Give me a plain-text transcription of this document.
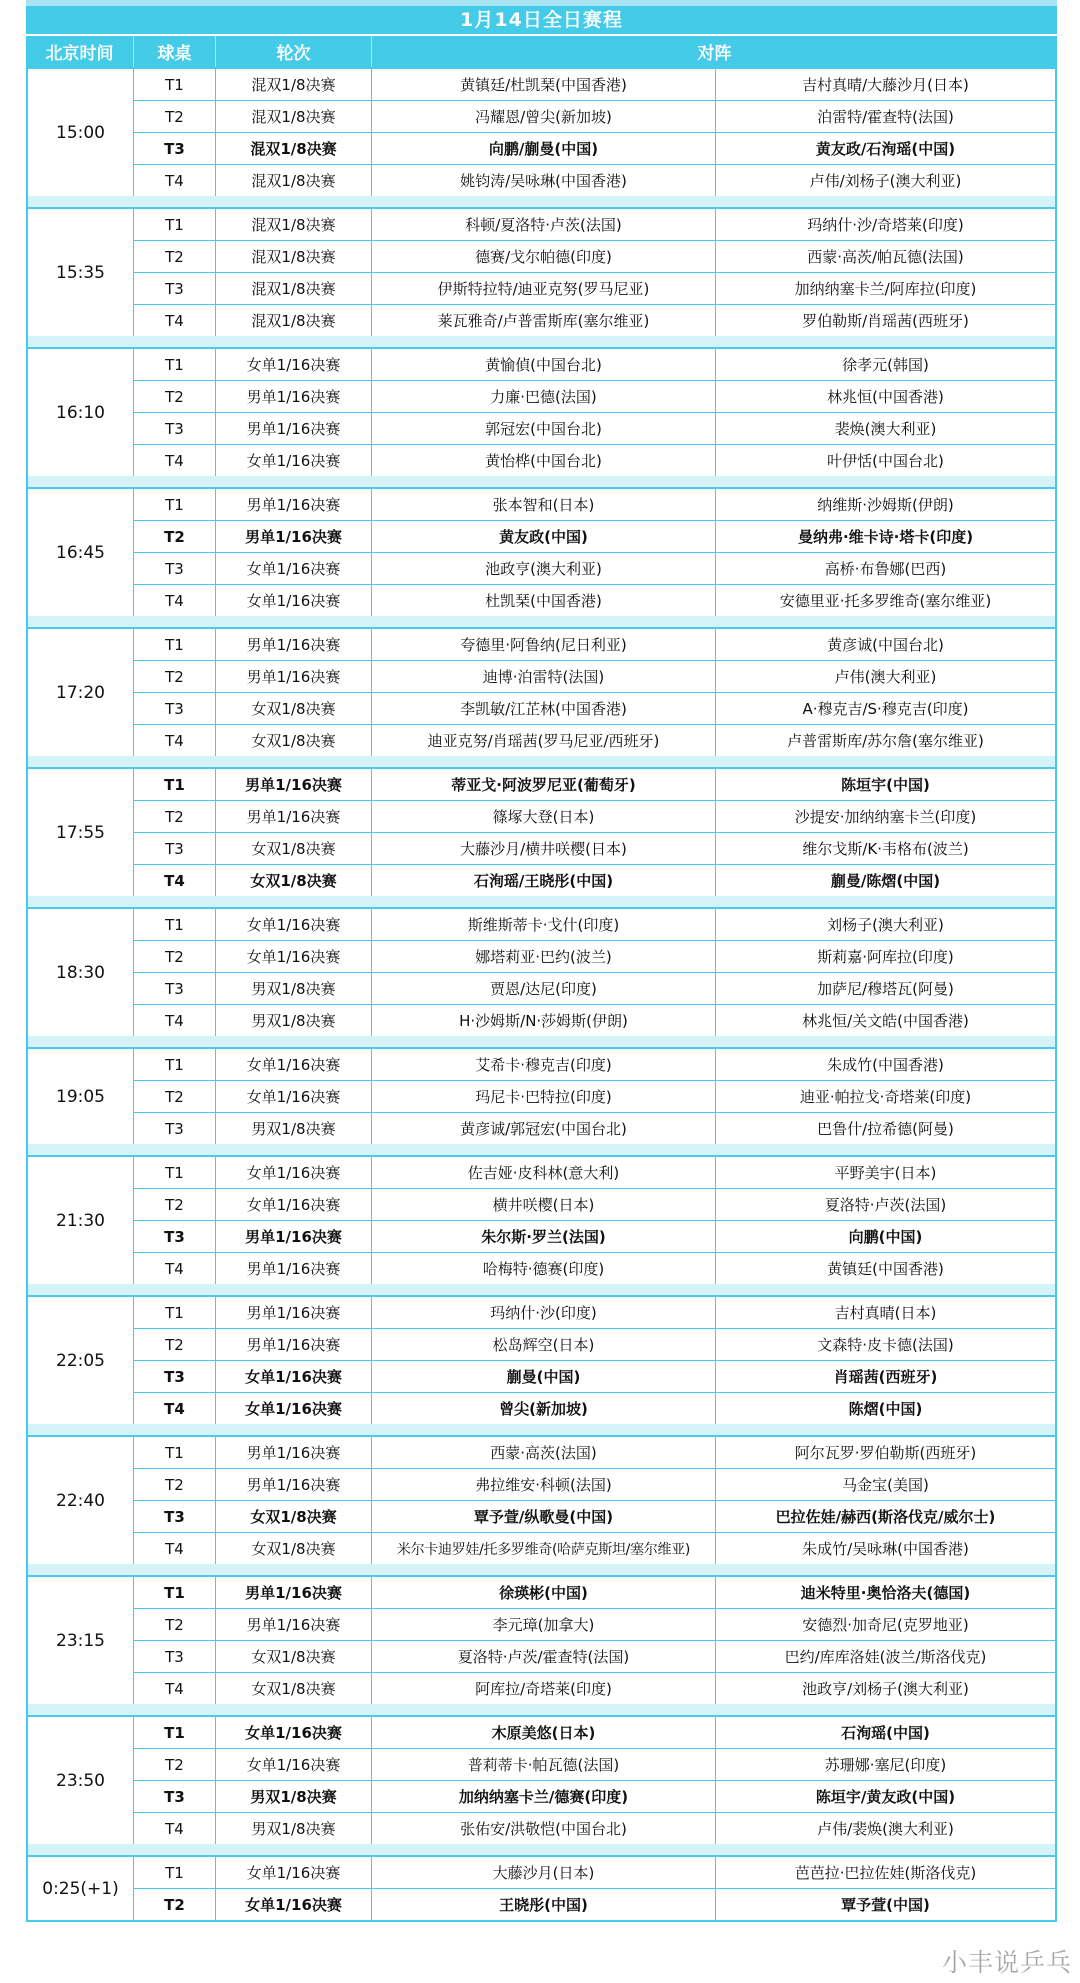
1月14日全日赛程
北京时间	球桌	轮次	对阵
15:00
T1	混双1/8决赛	黄镇廷/杜凯琹(中国香港)	吉村真晴/大藤沙月(日本)
T2	混双1/8决赛	冯耀恩/曾尖(新加坡)	泊雷特/霍查特(法国)
T3	混双1/8决赛	向鹏/蒯曼(中国)	黄友政/石洵瑶(中国)
T4	混双1/8决赛	姚钧涛/吴咏琳(中国香港)	卢伟/刘杨子(澳大利亚)
15:35
T1	混双1/8决赛	科顿/夏洛特·卢茨(法国)	玛纳什·沙/奇塔莱(印度)
T2	混双1/8决赛	德赛/戈尔帕德(印度)	西蒙·高茨/帕瓦德(法国)
T3	混双1/8决赛	伊斯特拉特/迪亚克努(罗马尼亚)	加纳纳塞卡兰/阿库拉(印度)
T4	混双1/8决赛	莱瓦雅奇/卢普雷斯库(塞尔维亚)	罗伯勒斯/肖瑶茜(西班牙)
16:10
T1	女单1/16决赛	黄愉偵(中国台北)	徐孝元(韩国)
T2	男单1/16决赛	力廉·巴德(法国)	林兆恒(中国香港)
T3	男单1/16决赛	郭冠宏(中国台北)	裴焕(澳大利亚)
T4	女单1/16决赛	黄怡桦(中国台北)	叶伊恬(中国台北)
16:45
T1	男单1/16决赛	张本智和(日本)	纳维斯·沙姆斯(伊朗)
T2	男单1/16决赛	黄友政(中国)	曼纳弗·维卡诗·塔卡(印度)
T3	女单1/16决赛	池政亨(澳大利亚)	高桥·布鲁娜(巴西)
T4	女单1/16决赛	杜凯琹(中国香港)	安德里亚·托多罗维奇(塞尔维亚)
17:20
T1	男单1/16决赛	夸德里·阿鲁纳(尼日利亚)	黄彦诚(中国台北)
T2	男单1/16决赛	迪博·泊雷特(法国)	卢伟(澳大利亚)
T3	女双1/8决赛	李凯敏/江芷林(中国香港)	A·穆克吉/S·穆克吉(印度)
T4	女双1/8决赛	迪亚克努/肖瑶茜(罗马尼亚/西班牙)	卢普雷斯库/苏尔詹(塞尔维亚)
17:55
T1	男单1/16决赛	蒂亚戈·阿波罗尼亚(葡萄牙)	陈垣宇(中国)
T2	男单1/16决赛	篠塚大登(日本)	沙提安·加纳纳塞卡兰(印度)
T3	女双1/8决赛	大藤沙月/横井咲樱(日本)	维尔戈斯/K·韦格布(波兰)
T4	女双1/8决赛	石洵瑶/王晓彤(中国)	蒯曼/陈熠(中国)
18:30
T1	女单1/16决赛	斯维斯蒂卡·戈什(印度)	刘杨子(澳大利亚)
T2	女单1/16决赛	娜塔莉亚·巴约(波兰)	斯莉嘉·阿库拉(印度)
T3	男双1/8决赛	贾恩/达尼(印度)	加萨尼/穆塔瓦(阿曼)
T4	男双1/8决赛	H·沙姆斯/N·莎姆斯(伊朗)	林兆恒/关文皓(中国香港)
19:05
T1	女单1/16决赛	艾希卡·穆克吉(印度)	朱成竹(中国香港)
T2	女单1/16决赛	玛尼卡·巴特拉(印度)	迪亚·帕拉戈·奇塔莱(印度)
T3	男双1/8决赛	黄彦诚/郭冠宏(中国台北)	巴鲁什/拉希德(阿曼)
21:30
T1	女单1/16决赛	佐吉娅·皮科林(意大利)	平野美宇(日本)
T2	女单1/16决赛	横井咲樱(日本)	夏洛特·卢茨(法国)
T3	男单1/16决赛	朱尔斯·罗兰(法国)	向鹏(中国)
T4	男单1/16决赛	哈梅特·德赛(印度)	黄镇廷(中国香港)
22:05
T1	男单1/16决赛	玛纳什·沙(印度)	吉村真晴(日本)
T2	男单1/16决赛	松岛辉空(日本)	文森特·皮卡德(法国)
T3	女单1/16决赛	蒯曼(中国)	肖瑶茜(西班牙)
T4	女单1/16决赛	曾尖(新加坡)	陈熠(中国)
22:40
T1	男单1/16决赛	西蒙·高茨(法国)	阿尔瓦罗·罗伯勒斯(西班牙)
T2	男单1/16决赛	弗拉维安·科顿(法国)	马金宝(美国)
T3	女双1/8决赛	覃予萱/纵歌曼(中国)	巴拉佐娃/赫西(斯洛伐克/威尔士)
T4	女双1/8决赛	米尔卡迪罗娃/托多罗维奇(哈萨克斯坦/塞尔维亚)	朱成竹/吴咏琳(中国香港)
23:15
T1	男单1/16决赛	徐瑛彬(中国)	迪米特里·奥恰洛夫(德国)
T2	男单1/16决赛	李元璋(加拿大)	安德烈·加奇尼(克罗地亚)
T3	女双1/8决赛	夏洛特·卢茨/霍查特(法国)	巴约/库库洛娃(波兰/斯洛伐克)
T4	女双1/8决赛	阿库拉/奇塔莱(印度)	池政亨/刘杨子(澳大利亚)
23:50
T1	女单1/16决赛	木原美悠(日本)	石洵瑶(中国)
T2	女单1/16决赛	普莉蒂卡·帕瓦德(法国)	苏珊娜·塞尼(印度)
T3	男双1/8决赛	加纳纳塞卡兰/德赛(印度)	陈垣宇/黄友政(中国)
T4	男双1/8决赛	张佑安/洪敬恺(中国台北)	卢伟/裴焕(澳大利亚)
0:25(+1)
T1	女单1/16决赛	大藤沙月(日本)	芭芭拉·巴拉佐娃(斯洛伐克)
T2	女单1/16决赛	王晓彤(中国)	覃予萱(中国)
小丰说乒乓
